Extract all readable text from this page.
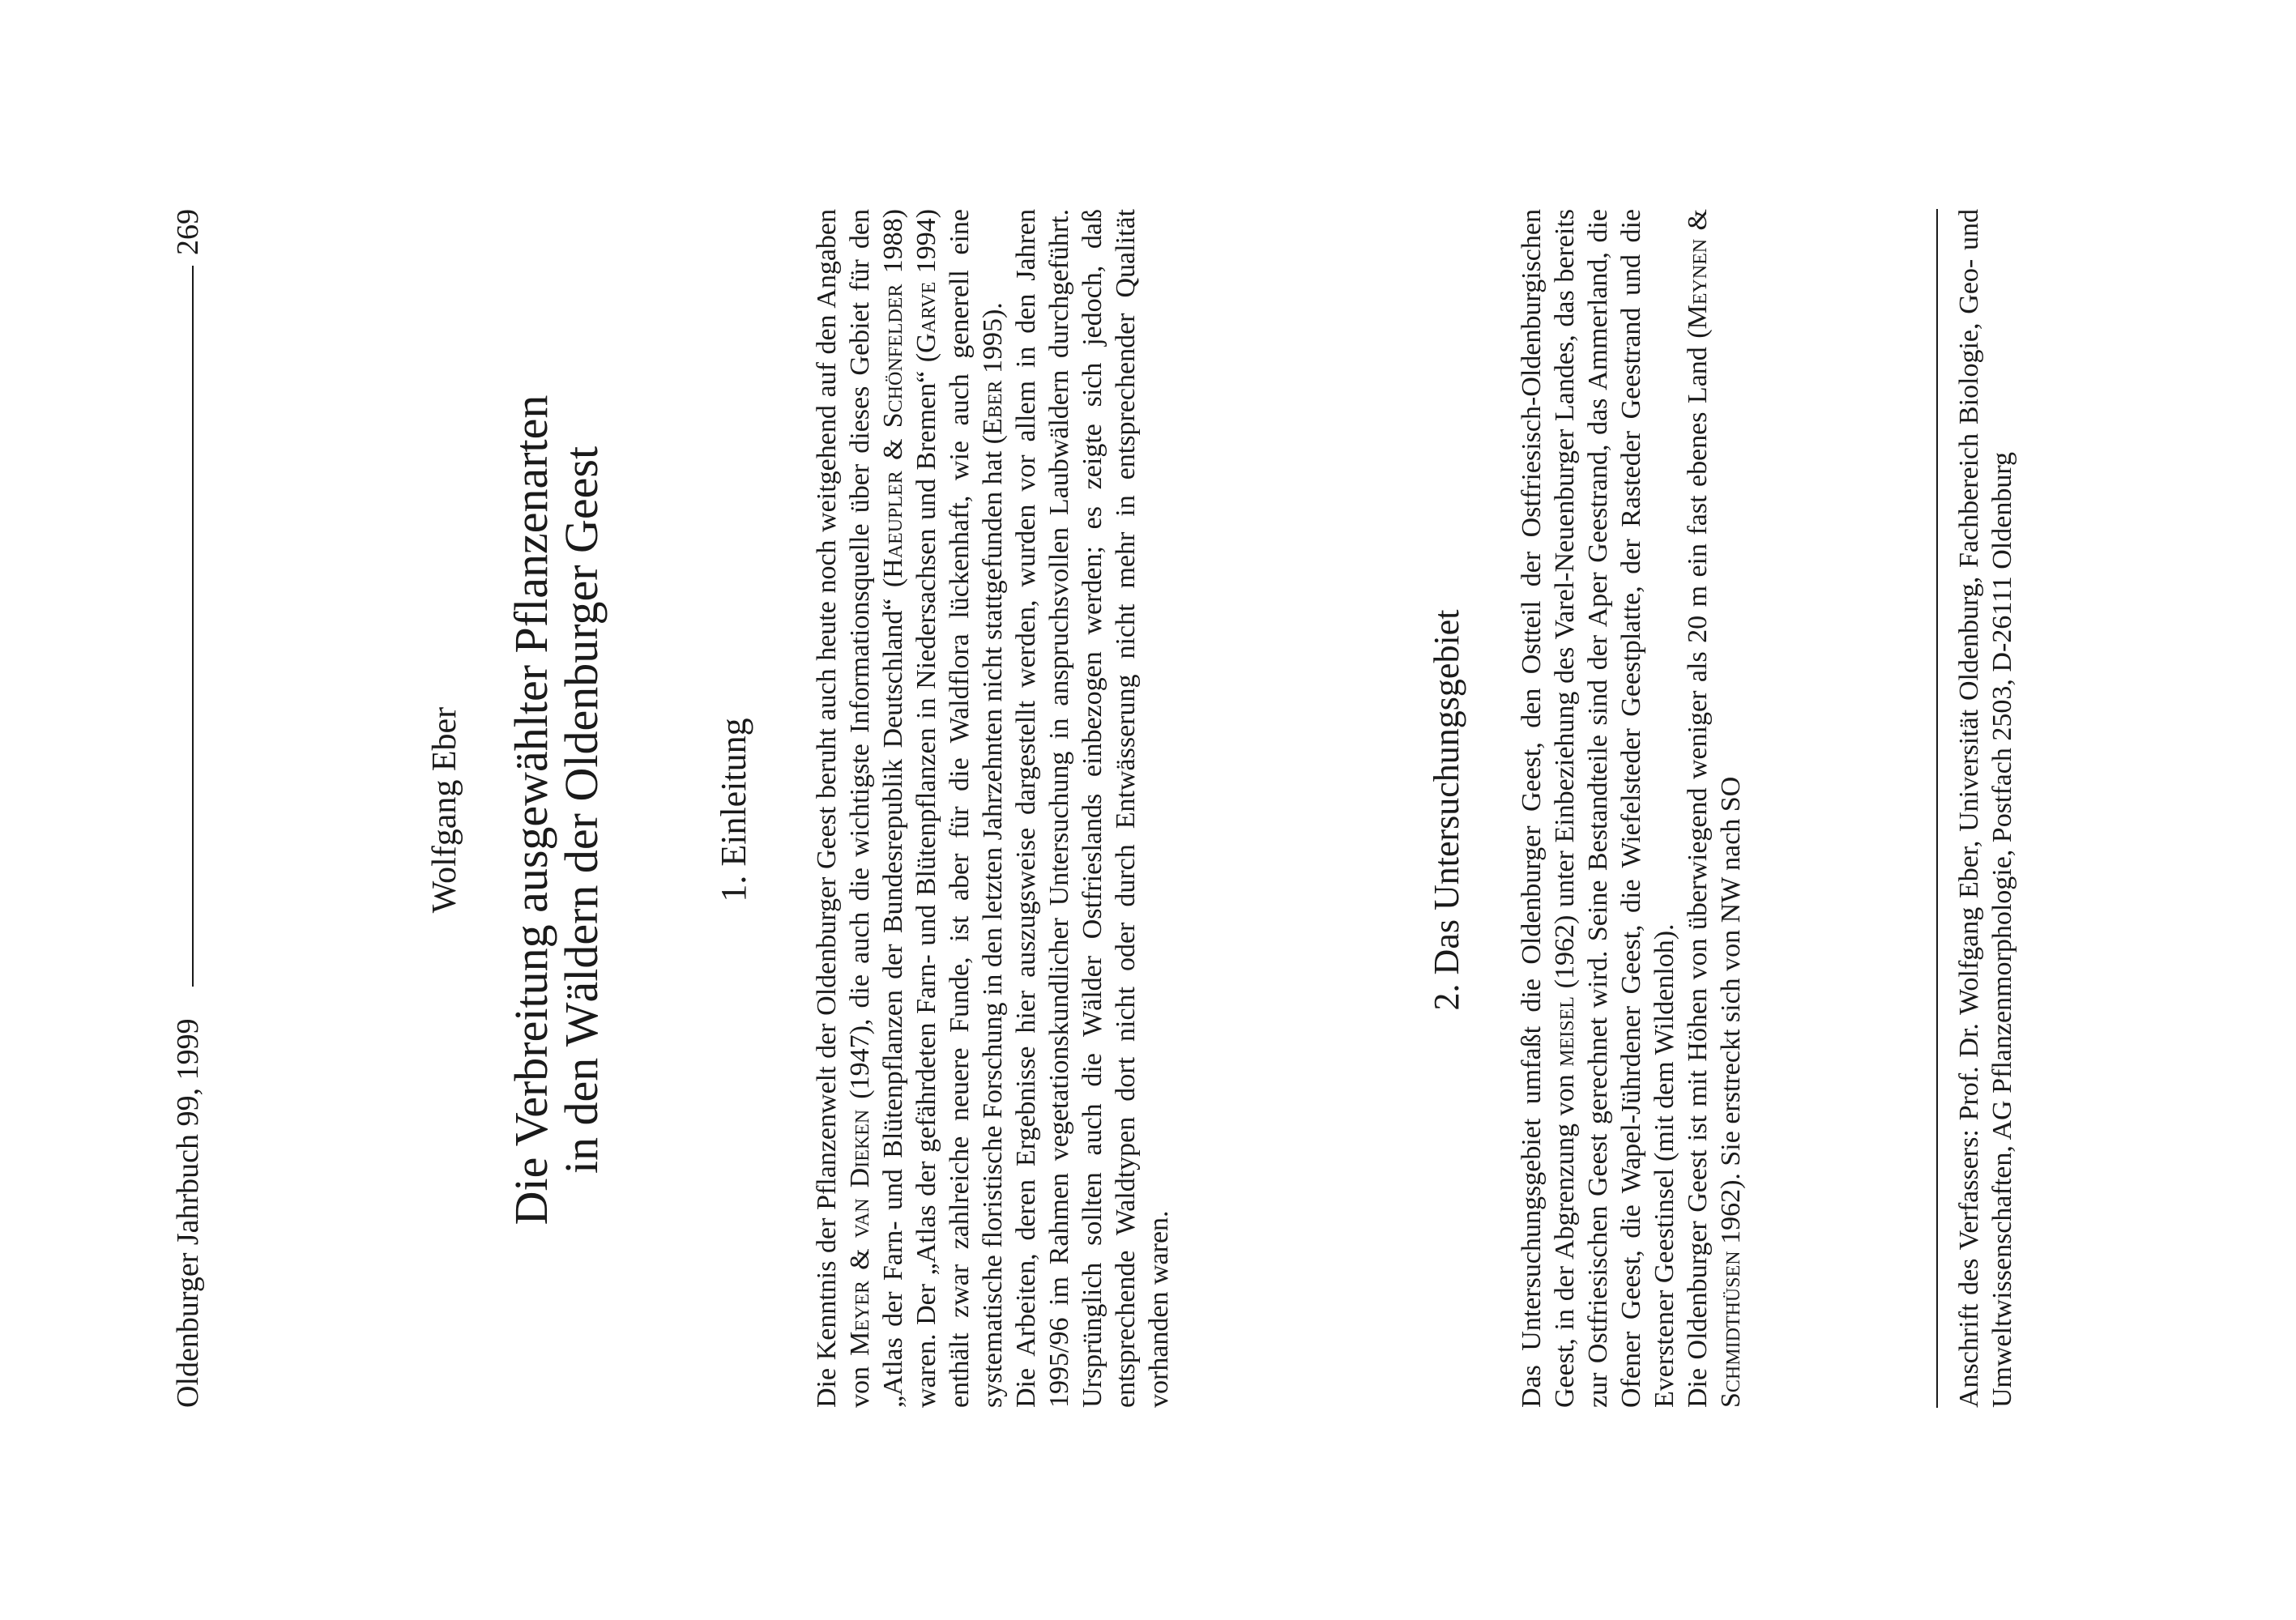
Oldenburger Jahrbuch 99, 1999
269
Wolfgang Eber Die Verbreitung ausgewählter Pflanzenarten
in den Wäldern der Oldenburger Geest	1. Einleitung Die Kenntnis der Pflanzenwelt der Oldenburger Geest beruht auch heute noch weitgehend auf den Angaben von Meyer & van Dieken (1947), die auch die wichtigste Informationsquelle über dieses Gebiet für den „Atlas der Farn- und Blütenpflanzen der Bundesrepublik Deutschland“ (Haeupler & Schönfelder 1988) waren. Der „Atlas der gefährdeten Farn- und Blütenpflanzen in Niedersachsen und Bremen“ (Garve 1994) enthält zwar zahlreiche neuere Funde, ist aber für die Waldflora lückenhaft, wie auch generell eine systematische floristische Forschung in den letzten Jahrzehnten nicht stattgefunden hat (Eber 1995). Die Arbeiten, deren Ergebnisse hier auszugsweise dargestellt werden, wurden vor allem in den Jahren 1995/96 im Rahmen vegetationskundlicher Untersuchung in anspruchsvollen Laubwäldern durchgeführt. Ursprünglich sollten auch die Wälder Ostfrieslands einbezogen werden; es zeigte sich jedoch, daß entsprechende Waldtypen dort nicht oder durch Entwässerung nicht mehr in entsprechender Qualität vorhanden waren.

2. Das Untersuchungsgebiet Das Untersuchungsgebiet umfaßt die Oldenburger Geest, den Ostteil der Ostfriesisch-Oldenburgischen Geest, in der Abgrenzung von meisel (1962) unter Einbeziehung des Varel-Neuenburger Landes, das bereits zur Ostfriesischen Geest gerechnet wird. Seine Bestandteile sind der Aper Geestrand, das Ammerland, die Ofener Geest, die Wapel-Jührdener Geest, die Wiefelsteder Geestplatte, der Rasteder Geestrand und die Everstener Geestinsel (mit dem Wildenloh). Die Oldenburger Geest ist mit Höhen von überwiegend weniger als 20 m ein fast ebenes Land (Meynen & Schmidthüsen 1962). Sie erstreckt sich von NW nach SO	Anschrift des Verfassers: Prof. Dr. Wolfgang Eber, Universität Oldenburg, Fachbereich Biologie, Geo- und Umweltwissenschaften, AG Pflanzenmorphologie, Postfach 2503, D-26111 Oldenburg
